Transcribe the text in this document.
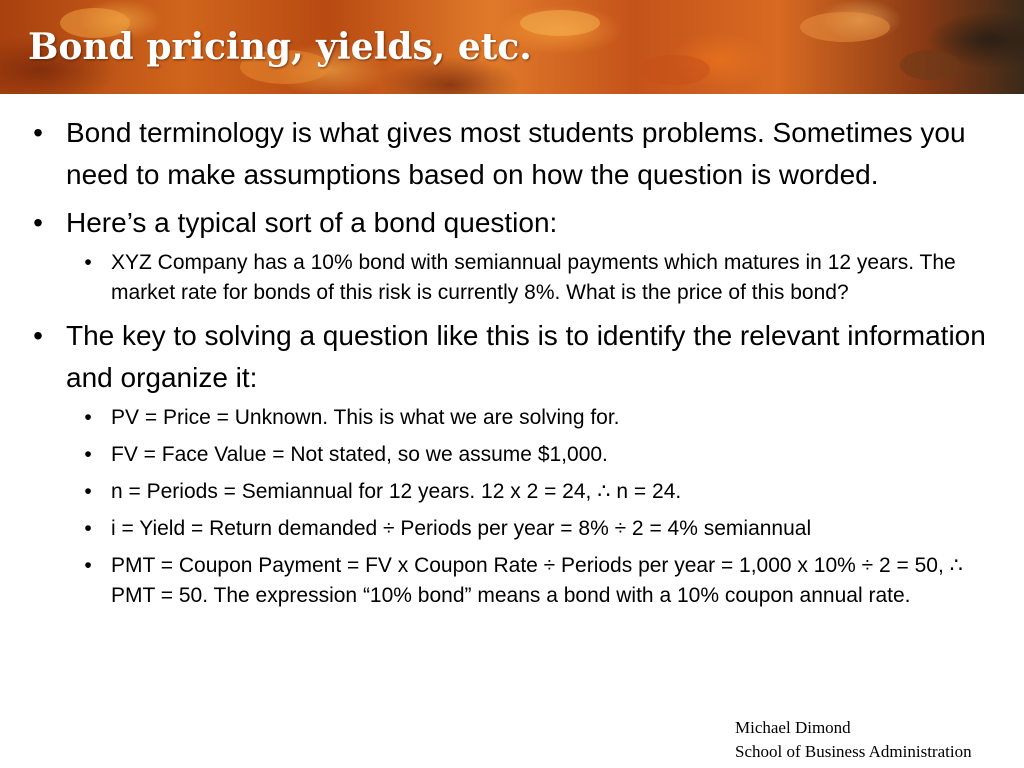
Bond pricing, yields, etc.
• Bond terminology is what gives most students problems. Sometimes you need to make assumptions based on how the question is worded.
• Here’s a typical sort of a bond question:
• XYZ Company has a 10% bond with semiannual payments which matures in 12 years. The market rate for bonds of this risk is currently 8%. What is the price of this bond?
• The key to solving a question like this is to identify the relevant information and organize it:
• PV = Price = Unknown. This is what we are solving for.
• FV = Face Value = Not stated, so we assume $1,000.
• n = Periods = Semiannual for 12 years. 12 x 2 = 24, ∴ n = 24.
• i = Yield = Return demanded ÷ Periods per year = 8% ÷ 2 = 4% semiannual
• PMT = Coupon Payment = FV x Coupon Rate ÷ Periods per year = 1,000 x 10% ÷ 2 = 50, ∴ PMT = 50. The expression “10% bond” means a bond with a 10% coupon annual rate.
Michael Dimond
School of Business Administration
